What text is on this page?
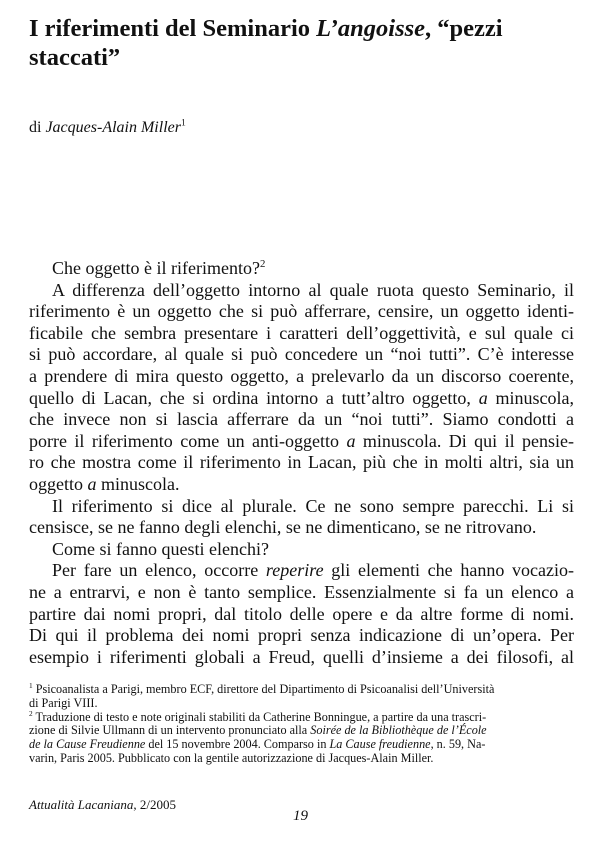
I riferimenti del Seminario L’angoisse, “pezzi staccati”
di Jacques-Alain Miller$^1$
Che oggetto è il riferimento?$^2$
A differenza dell’oggetto intorno al quale ruota questo Seminario, il
riferimento è un oggetto che si può afferrare, censire, un oggetto identi-
ficabile che sembra presentare i caratteri dell’oggettività, e sul quale ci
si può accordare, al quale si può concedere un “noi tutti”. C’è interesse
a prendere di mira questo oggetto, a prelevarlo da un discorso coerente,
quello di Lacan, che si ordina intorno a tutt’altro oggetto, a minuscola,
che invece non si lascia afferrare da un “noi tutti”. Siamo condotti a
porre il riferimento come un anti-oggetto a minuscola. Di qui il pensie-
ro che mostra come il riferimento in Lacan, più che in molti altri, sia un
oggetto a minuscola.
Il riferimento si dice al plurale. Ce ne sono sempre parecchi. Li si
censisce, se ne fanno degli elenchi, se ne dimenticano, se ne ritrovano.
Come si fanno questi elenchi?
Per fare un elenco, occorre reperire gli elementi che hanno vocazio-
ne a entrarvi, e non è tanto semplice. Essenzialmente si fa un elenco a
partire dai nomi propri, dal titolo delle opere e da altre forme di nomi.
Di qui il problema dei nomi propri senza indicazione di un’opera. Per
esempio i riferimenti globali a Freud, quelli d’insieme a dei filosofi, al
$^1$ Psicoanalista a Parigi, membro ECF, direttore del Dipartimento di Psicoanalisi dell’Università
di Parigi VIII.
$^2$ Traduzione di testo e note originali stabiliti da Catherine Bonningue, a partire da una trascri-
zione di Silvie Ullmann di un intervento pronunciato alla Soirée de la Bibliothèque de l’École
de la Cause Freudienne del 15 novembre 2004. Comparso in La Cause freudienne, n. 59, Na-
varin, Paris 2005. Pubblicato con la gentile autorizzazione di Jacques-Alain Miller.
Attualità Lacaniana, 2/2005
19
